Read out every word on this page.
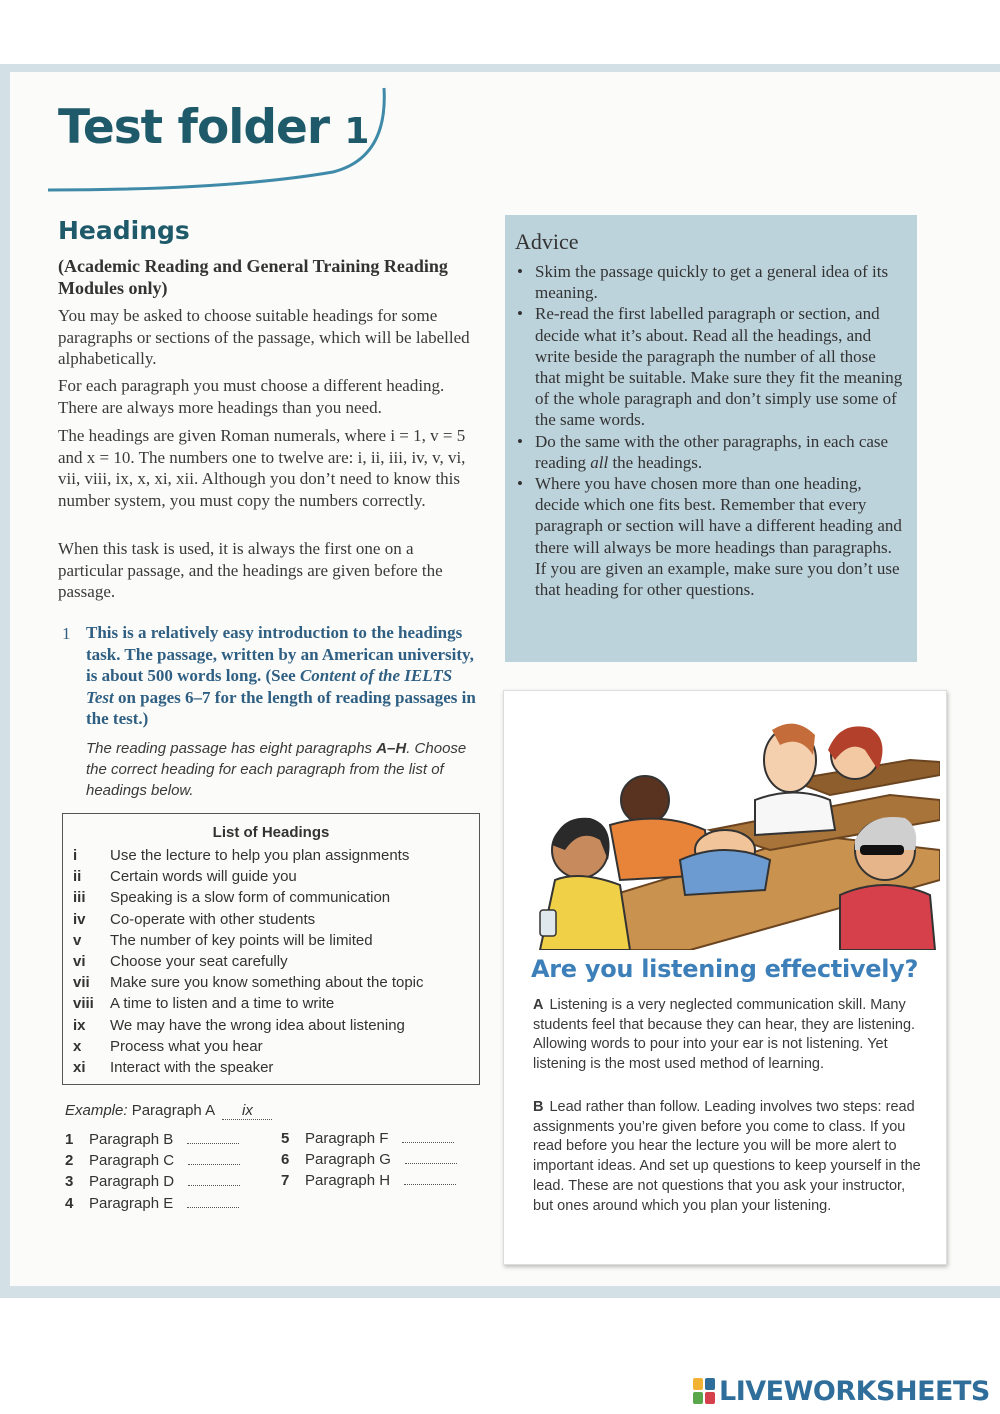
Test folder 1
Headings
(Academic Reading and General Training Reading Modules only)
You may be asked to choose suitable headings for some paragraphs or sections of the passage, which will be labelled alphabetically.
For each paragraph you must choose a different heading. There are always more headings than you need.
The headings are given Roman numerals, where i = 1, v = 5 and x = 10. The numbers one to twelve are: i, ii, iii, iv, v, vi, vii, viii, ix, x, xi, xii. Although you don’t need to know this number system, you must copy the numbers correctly.
When this task is used, it is always the first one on a particular passage, and the headings are given before the passage.
1 This is a relatively easy introduction to the headings task. The passage, written by an American university, is about 500 words long. (See Content of the IELTS Test on pages 6–7 for the length of reading passages in the test.)
The reading passage has eight paragraphs A–H. Choose the correct heading for each paragraph from the list of headings below.
List of Headings
i	Use the lecture to help you plan assignments
ii	Certain words will guide you
iii	Speaking is a slow form of communication
iv	Co-operate with other students
v	The number of key points will be limited
vi	Choose your seat carefully
vii	Make sure you know something about the topic
viii	A time to listen and a time to write
ix	We may have the wrong idea about listening
x	Process what you hear
xi	Interact with the speaker
Example: Paragraph A ix
1 Paragraph B
2 Paragraph C
3 Paragraph D
4 Paragraph E
5 Paragraph F
6 Paragraph G
7 Paragraph H
Advice
• Skim the passage quickly to get a general idea of its meaning.
• Re-read the first labelled paragraph or section, and decide what it’s about. Read all the headings, and write beside the paragraph the number of all those that might be suitable. Make sure they fit the meaning of the whole paragraph and don’t simply use some of the same words.
• Do the same with the other paragraphs, in each case reading all the headings.
• Where you have chosen more than one heading, decide which one fits best. Remember that every paragraph or section will have a different heading and there will always be more headings than paragraphs. If you are given an example, make sure you don’t use that heading for other questions.
Are you listening effectively?
A Listening is a very neglected communication skill. Many students feel that because they can hear, they are listening. Allowing words to pour into your ear is not listening. Yet listening is the most used method of learning.
B Lead rather than follow. Leading involves two steps: read assignments you’re given before you come to class. If you read before you hear the lecture you will be more alert to important ideas. And set up questions to keep yourself in the lead. These are not questions that you ask your instructor, but ones around which you plan your listening.
LIVEWORKSHEETS
